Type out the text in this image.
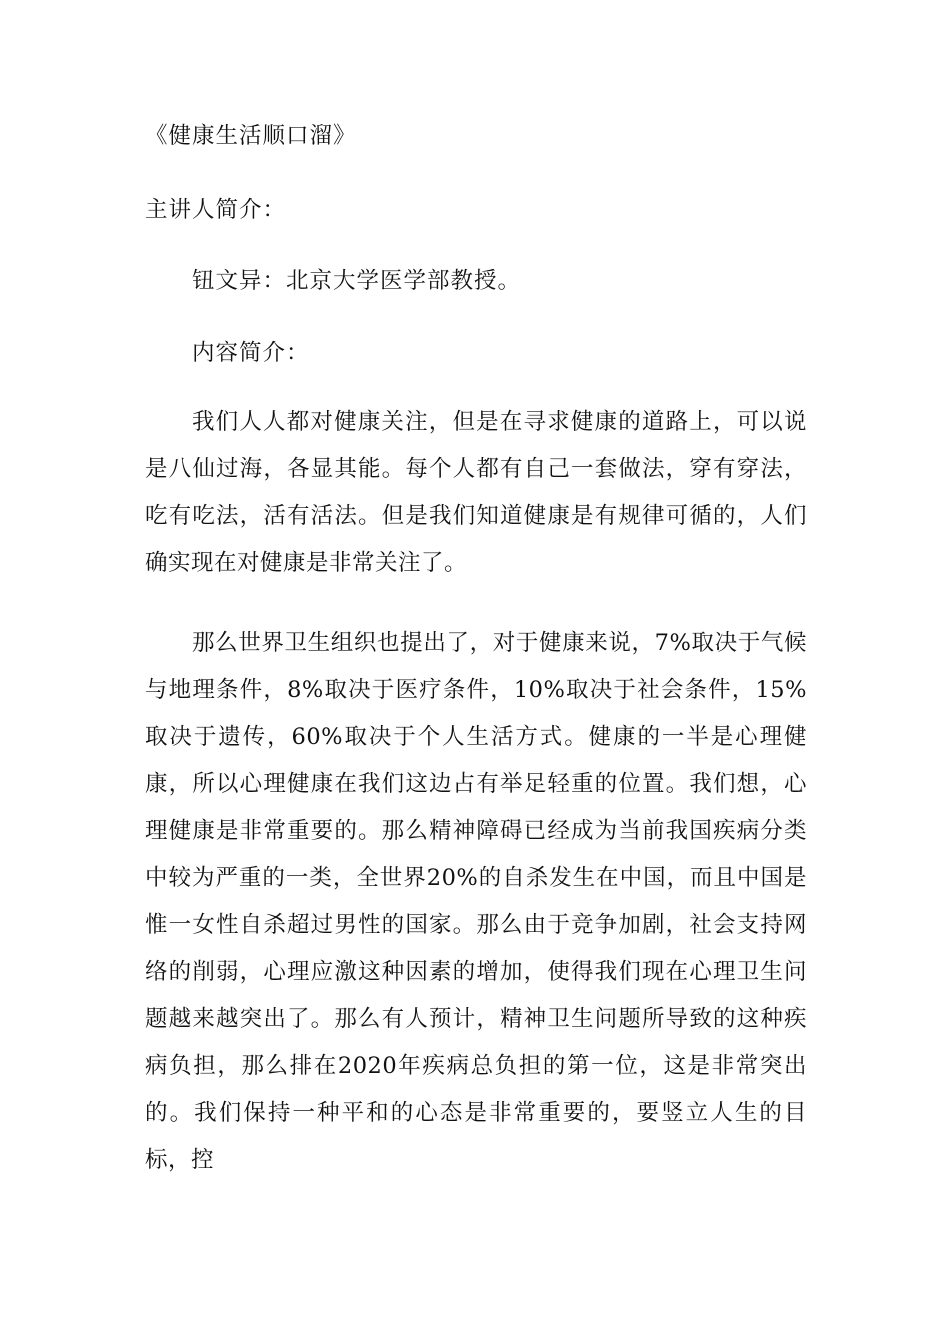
《健康生活顺口溜》

主讲人简介：

钮文异：北京大学医学部教授。

内容简介：

我们人人都对健康关注，但是在寻求健康的道路上，可以说是八仙过海，各显其能。每个人都有自己一套做法，穿有穿法，吃有吃法，活有活法。但是我们知道健康是有规律可循的，人们确实现在对健康是非常关注了。

那么世界卫生组织也提出了，对于健康来说，7%取决于气候与地理条件，8%取决于医疗条件，10%取决于社会条件，15%取决于遗传，60%取决于个人生活方式。健康的一半是心理健康，所以心理健康在我们这边占有举足轻重的位置。我们想，心理健康是非常重要的。那么精神障碍已经成为当前我国疾病分类中较为严重的一类，全世界20%的自杀发生在中国，而且中国是惟一女性自杀超过男性的国家。那么由于竞争加剧，社会支持网络的削弱，心理应激这种因素的增加，使得我们现在心理卫生问题越来越突出了。那么有人预计，精神卫生问题所导致的这种疾病负担，那么排在2020年疾病总负担的第一位，这是非常突出的。我们保持一种平和的心态是非常重要的，要竖立人生的目标，控
